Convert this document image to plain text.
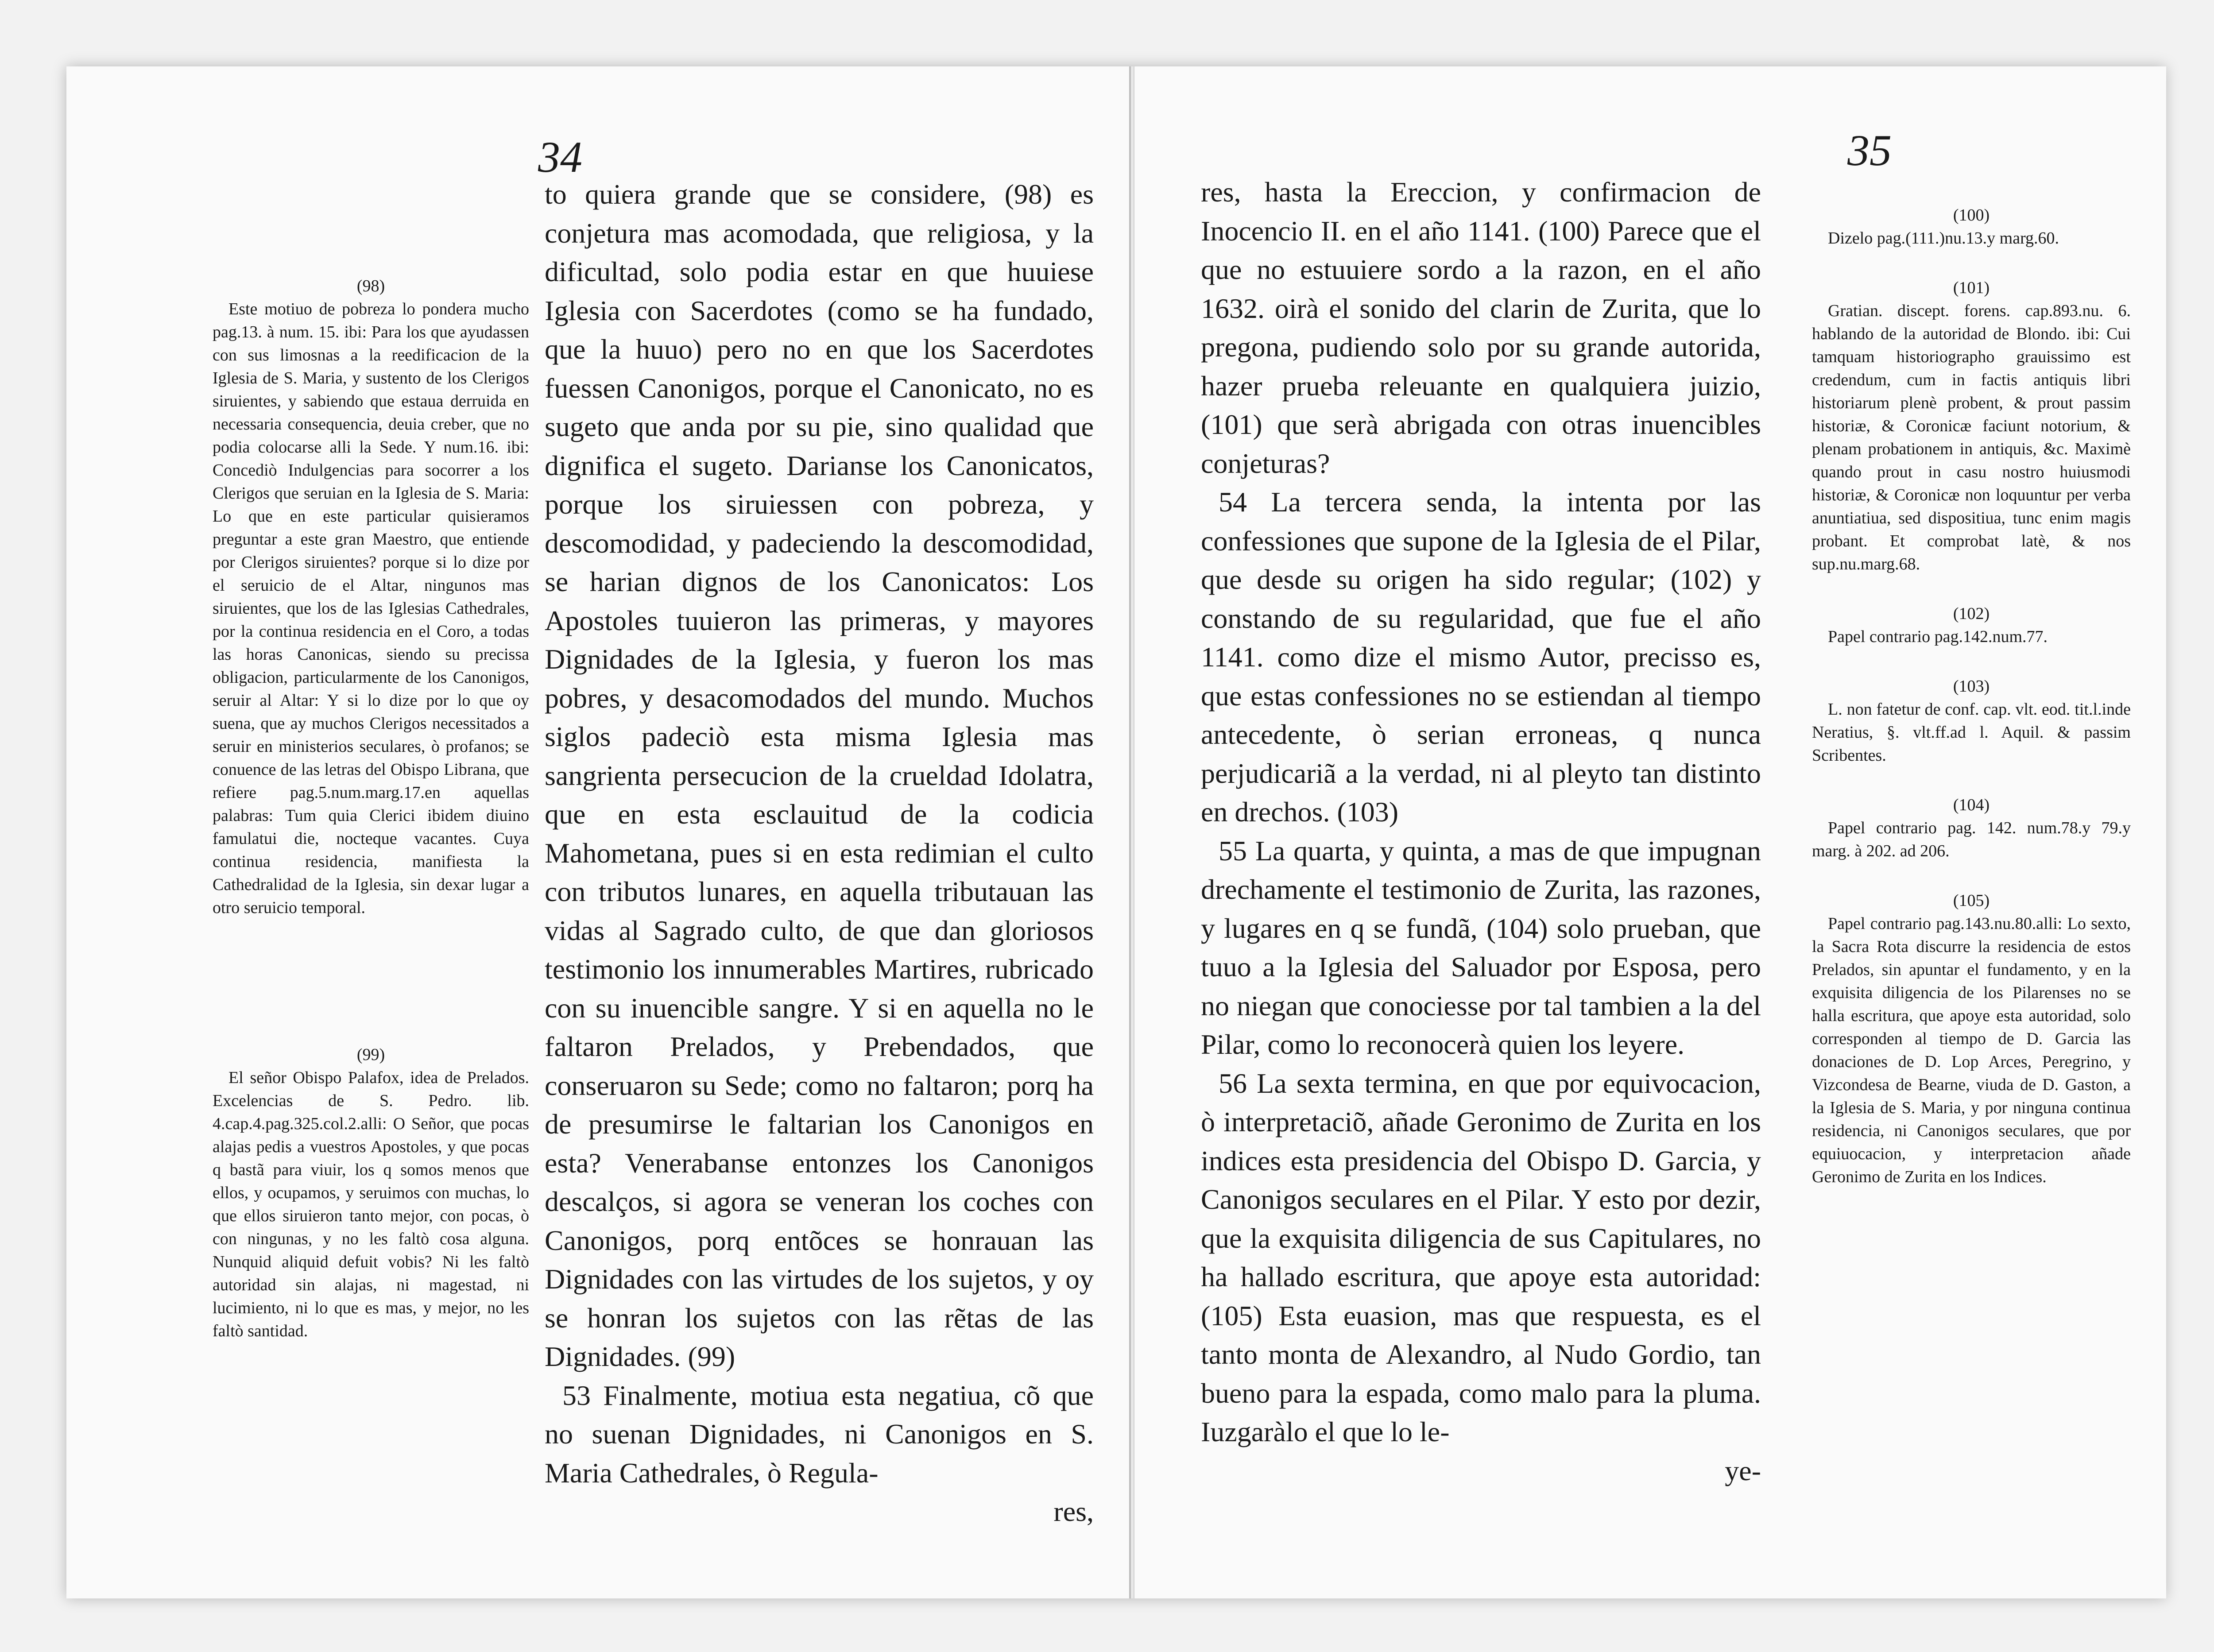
34

(98)

Este motiuo de pobreza lo pondera mucho pag.13. à num. 15. ibi: Para los que ayudassen con sus limosnas a la reedificacion de la Iglesia de S. Maria, y sustento de los Clerigos siruientes, y sabiendo que estaua derruida en necessaria consequencia, deuia creber, que no podia colocarse alli la Sede. Y num.16. ibi: Concediò Indulgencias para socorrer a los Clerigos que seruian en la Iglesia de S. Maria: Lo que en este particular quisieramos preguntar a este gran Maestro, que entiende por Clerigos siruientes? porque si lo dize por el seruicio de el Altar, ningunos mas siruientes, que los de las Iglesias Cathedrales, por la continua residencia en el Coro, a todas las horas Canonicas, siendo su precissa obligacion, particularmente de los Canonigos, seruir al Altar: Y si lo dize por lo que oy suena, que ay muchos Clerigos necessitados a seruir en ministerios seculares, ò profanos; se conuence de las letras del Obispo Librana, que refiere pag.5.num.marg.17.en aquellas palabras: Tum quia Clerici ibidem diuino famulatui die, nocteque vacantes. Cuya continua residencia, manifiesta la Cathedralidad de la Iglesia, sin dexar lugar a otro seruicio temporal.

(99)

El señor Obispo Palafox, idea de Prelados. Excelencias de S. Pedro. lib. 4.cap.4.pag.325.col.2.alli: O Señor, que pocas alajas pedis a vuestros Apostoles, y que pocas q bastã para viuir, los q somos menos que ellos, y ocupamos, y seruimos con muchas, lo que ellos siruieron tanto mejor, con pocas, ò con ningunas, y no les faltò cosa alguna. Nunquid aliquid defuit vobis? Ni les faltò autoridad sin alajas, ni magestad, ni lucimiento, ni lo que es mas, y mejor, no les faltò santidad.

to quiera grande que se considere, (98) es conjetura mas acomodada, que religiosa, y la dificultad, solo podia estar en que huuiese Iglesia con Sacerdotes (como se ha fundado, que la huuo) pero no en que los Sacerdotes fuessen Canonigos, porque el Canonicato, no es sugeto que anda por su pie, sino qualidad que dignifica el sugeto. Darianse los Canonicatos, porque los siruiessen con pobreza, y descomodidad, y padeciendo la descomodidad, se harian dignos de los Canonicatos: Los Apostoles tuuieron las primeras, y mayores Dignidades de la Iglesia, y fueron los mas pobres, y desacomodados del mundo. Muchos siglos padeciò esta misma Iglesia mas sangrienta persecucion de la crueldad Idolatra, que en esta esclauitud de la codicia Mahometana, pues si en esta redimian el culto con tributos lunares, en aquella tributauan las vidas al Sagrado culto, de que dan gloriosos testimonio los innumerables Martires, rubricado con su inuencible sangre. Y si en aquella no le faltaron Prelados, y Prebendados, que conseruaron su Sede; como no faltaron; porq ha de presumirse le faltarian los Canonigos en esta? Venerabanse entonzes los Canonigos descalços, si agora se veneran los coches con Canonigos, porq entõces se honrauan las Dignidades con las virtudes de los sujetos, y oy se honran los sujetos con las rẽtas de las Dignidades. (99)

53 Finalmente, motiua esta negatiua, cõ que no suenan Dignidades, ni Canonigos en S. Maria Cathedrales, ò Regula-

res,

35

res, hasta la Ereccion, y confirmacion de Inocencio II. en el año 1141. (100) Parece que el que no estuuiere sordo a la razon, en el año 1632. oirà el sonido del clarin de Zurita, que lo pregona, pudiendo solo por su grande autorida, hazer prueba releuante en qualquiera juizio, (101) que serà abrigada con otras inuencibles conjeturas?

54 La tercera senda, la intenta por las confessiones que supone de la Iglesia de el Pilar, que desde su origen ha sido regular; (102) y constando de su regularidad, que fue el año 1141. como dize el mismo Autor, precisso es, que estas confessiones no se estiendan al tiempo antecedente, ò serian erroneas, q nunca perjudicariã a la verdad, ni al pleyto tan distinto en drechos. (103)

55 La quarta, y quinta, a mas de que impugnan drechamente el testimonio de Zurita, las razones, y lugares en q se fundã, (104) solo prueban, que tuuo a la Iglesia del Saluador por Esposa, pero no niegan que conociesse por tal tambien a la del Pilar, como lo reconocerà quien los leyere.

56 La sexta termina, en que por equivocacion, ò interpretaciõ, añade Geronimo de Zurita en los indices esta presidencia del Obispo D. Garcia, y Canonigos seculares en el Pilar. Y esto por dezir, que la exquisita diligencia de sus Capitulares, no ha hallado escritura, que apoye esta autoridad: (105) Esta euasion, mas que respuesta, es el tanto monta de Alexandro, al Nudo Gordio, tan bueno para la espada, como malo para la pluma. Iuzgaràlo el que lo le-

ye-

(100)

Dizelo pag.(111.)nu.13.y marg.60.

(101)

Gratian. discept. forens. cap.893.nu. 6. hablando de la autoridad de Blondo. ibi: Cui tamquam historiographo grauissimo est credendum, cum in factis antiquis libri historiarum plenè probent, & prout passim historiæ, & Coronicæ faciunt notorium, & plenam probationem in antiquis, &c. Maximè quando prout in casu nostro huiusmodi historiæ, & Coronicæ non loquuntur per verba anuntiatiua, sed dispositiua, tunc enim magis probant. Et comprobat latè, & nos sup.nu.marg.68.

(102)

Papel contrario pag.142.num.77.

(103)

L. non fatetur de conf. cap. vlt. eod. tit.l.inde Neratius, §. vlt.ff.ad l. Aquil. & passim Scribentes.

(104)

Papel contrario pag. 142. num.78.y 79.y marg. à 202. ad 206.

(105)

Papel contrario pag.143.nu.80.alli: Lo sexto, la Sacra Rota discurre la residencia de estos Prelados, sin apuntar el fundamento, y en la exquisita diligencia de los Pilarenses no se halla escritura, que apoye esta autoridad, solo corresponden al tiempo de D. Garcia las donaciones de D. Lop Arces, Peregrino, y Vizcondesa de Bearne, viuda de D. Gaston, a la Iglesia de S. Maria, y por ninguna continua residencia, ni Canonigos seculares, que por equiuocacion, y interpretacion añade Geronimo de Zurita en los Indices.
